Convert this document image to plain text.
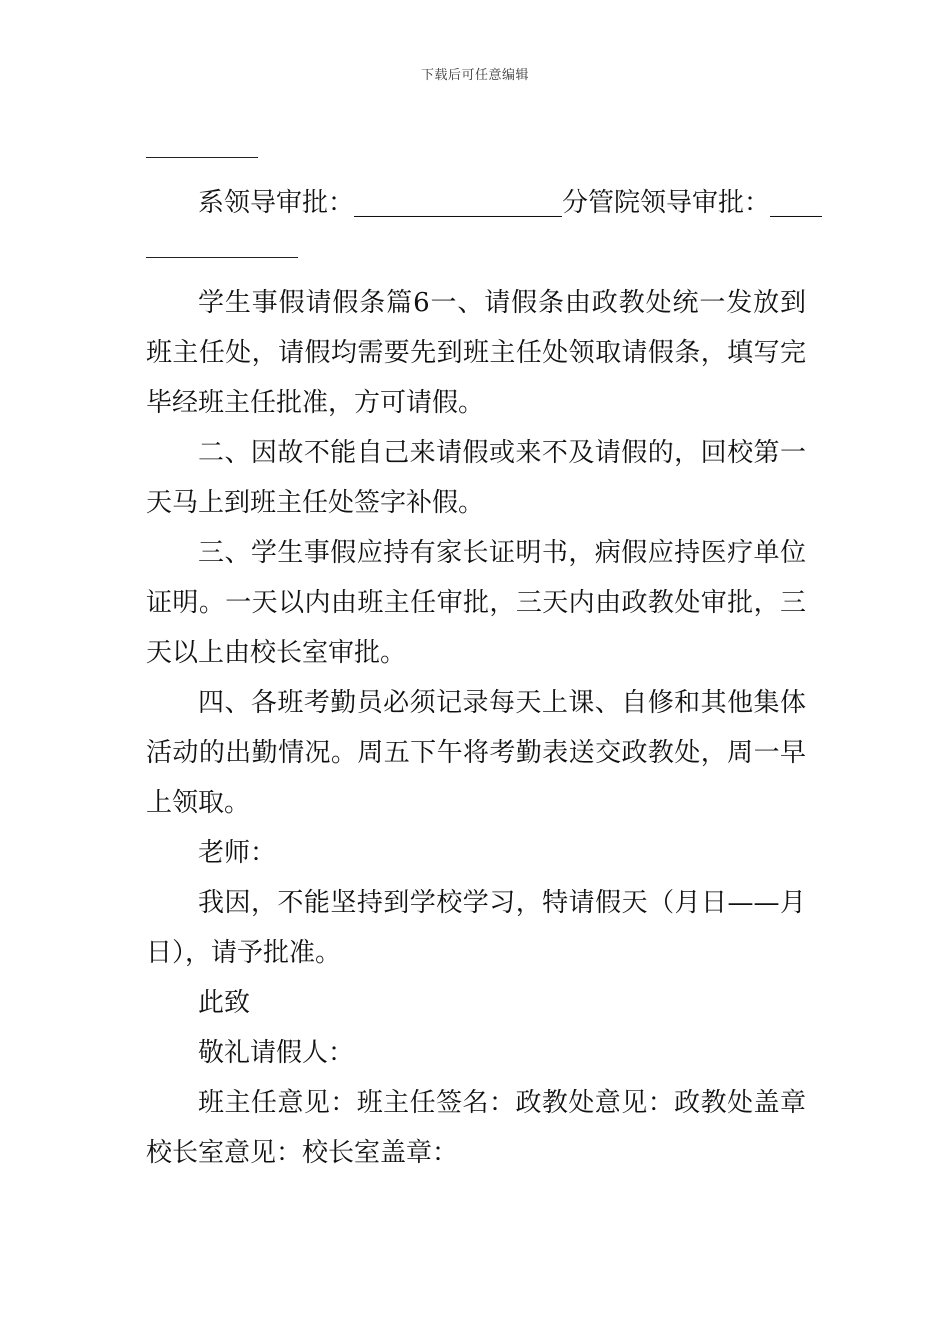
下载后可任意编辑
系领导审批：________________分管院领导审批：____
学生事假请假条篇6一、请假条由政教处统一发放到班主任处，请假均需要先到班主任处领取请假条，填写完毕经班主任批准，方可请假。
二、因故不能自己来请假或来不及请假的，回校第一天马上到班主任处签字补假。
三、学生事假应持有家长证明书，病假应持医疗单位证明。一天以内由班主任审批，三天内由政教处审批，三天以上由校长室审批。
四、各班考勤员必须记录每天上课、自修和其他集体活动的出勤情况。周五下午将考勤表送交政教处，周一早上领取。
老师：
我因，不能坚持到学校学习，特请假天（月日——月日），请予批准。
此致
敬礼请假人：
班主任意见：班主任签名：政教处意见：政教处盖章校长室意见：校长室盖章：
